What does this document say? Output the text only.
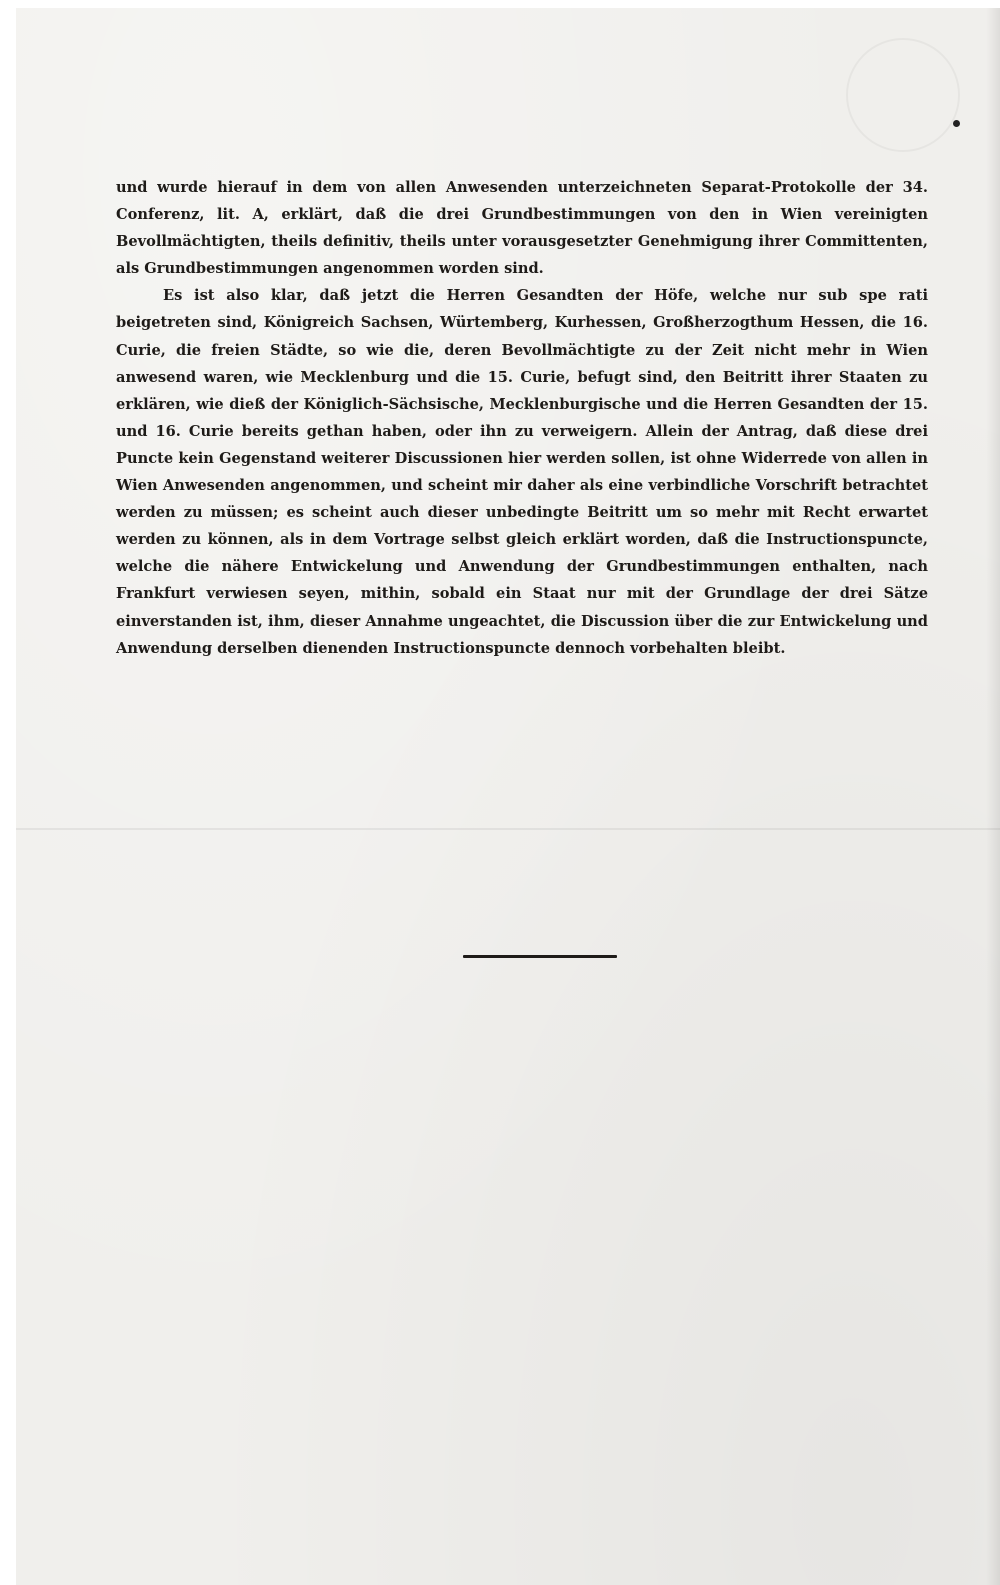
und wurde hierauf in dem von allen Anwesenden unterzeichneten Separat-Protokolle der 34. Conferenz, lit. A, erklärt, daß die drei Grundbestimmungen von den in Wien vereinigten Bevollmächtigten, theils definitiv, theils unter vorausgesetzter Genehmigung ihrer Committenten, als Grundbestimmungen angenommen worden sind.

Es ist also klar, daß jetzt die Herren Gesandten der Höfe, welche nur sub spe rati beigetreten sind, Königreich Sachsen, Würtemberg, Kurhessen, Großherzogthum Hessen, die 16. Curie, die freien Städte, so wie die, deren Bevollmächtigte zu der Zeit nicht mehr in Wien anwesend waren, wie Mecklenburg und die 15. Curie, befugt sind, den Beitritt ihrer Staaten zu erklären, wie dieß der Königlich-Sächsische, Mecklenburgische und die Herren Gesandten der 15. und 16. Curie bereits gethan haben, oder ihn zu verweigern. Allein der Antrag, daß diese drei Puncte kein Gegenstand weiterer Discussionen hier werden sollen, ist ohne Widerrede von allen in Wien Anwesenden angenommen, und scheint mir daher als eine verbindliche Vorschrift betrachtet werden zu müssen; es scheint auch dieser unbedingte Beitritt um so mehr mit Recht erwartet werden zu können, als in dem Vortrage selbst gleich erklärt worden, daß die Instructionspuncte, welche die nähere Entwickelung und Anwendung der Grundbestimmungen enthalten, nach Frankfurt verwiesen seyen, mithin, sobald ein Staat nur mit der Grundlage der drei Sätze einverstanden ist, ihm, dieser Annahme ungeachtet, die Discussion über die zur Entwickelung und Anwendung derselben dienenden Instructionspuncte dennoch vorbehalten bleibt.
